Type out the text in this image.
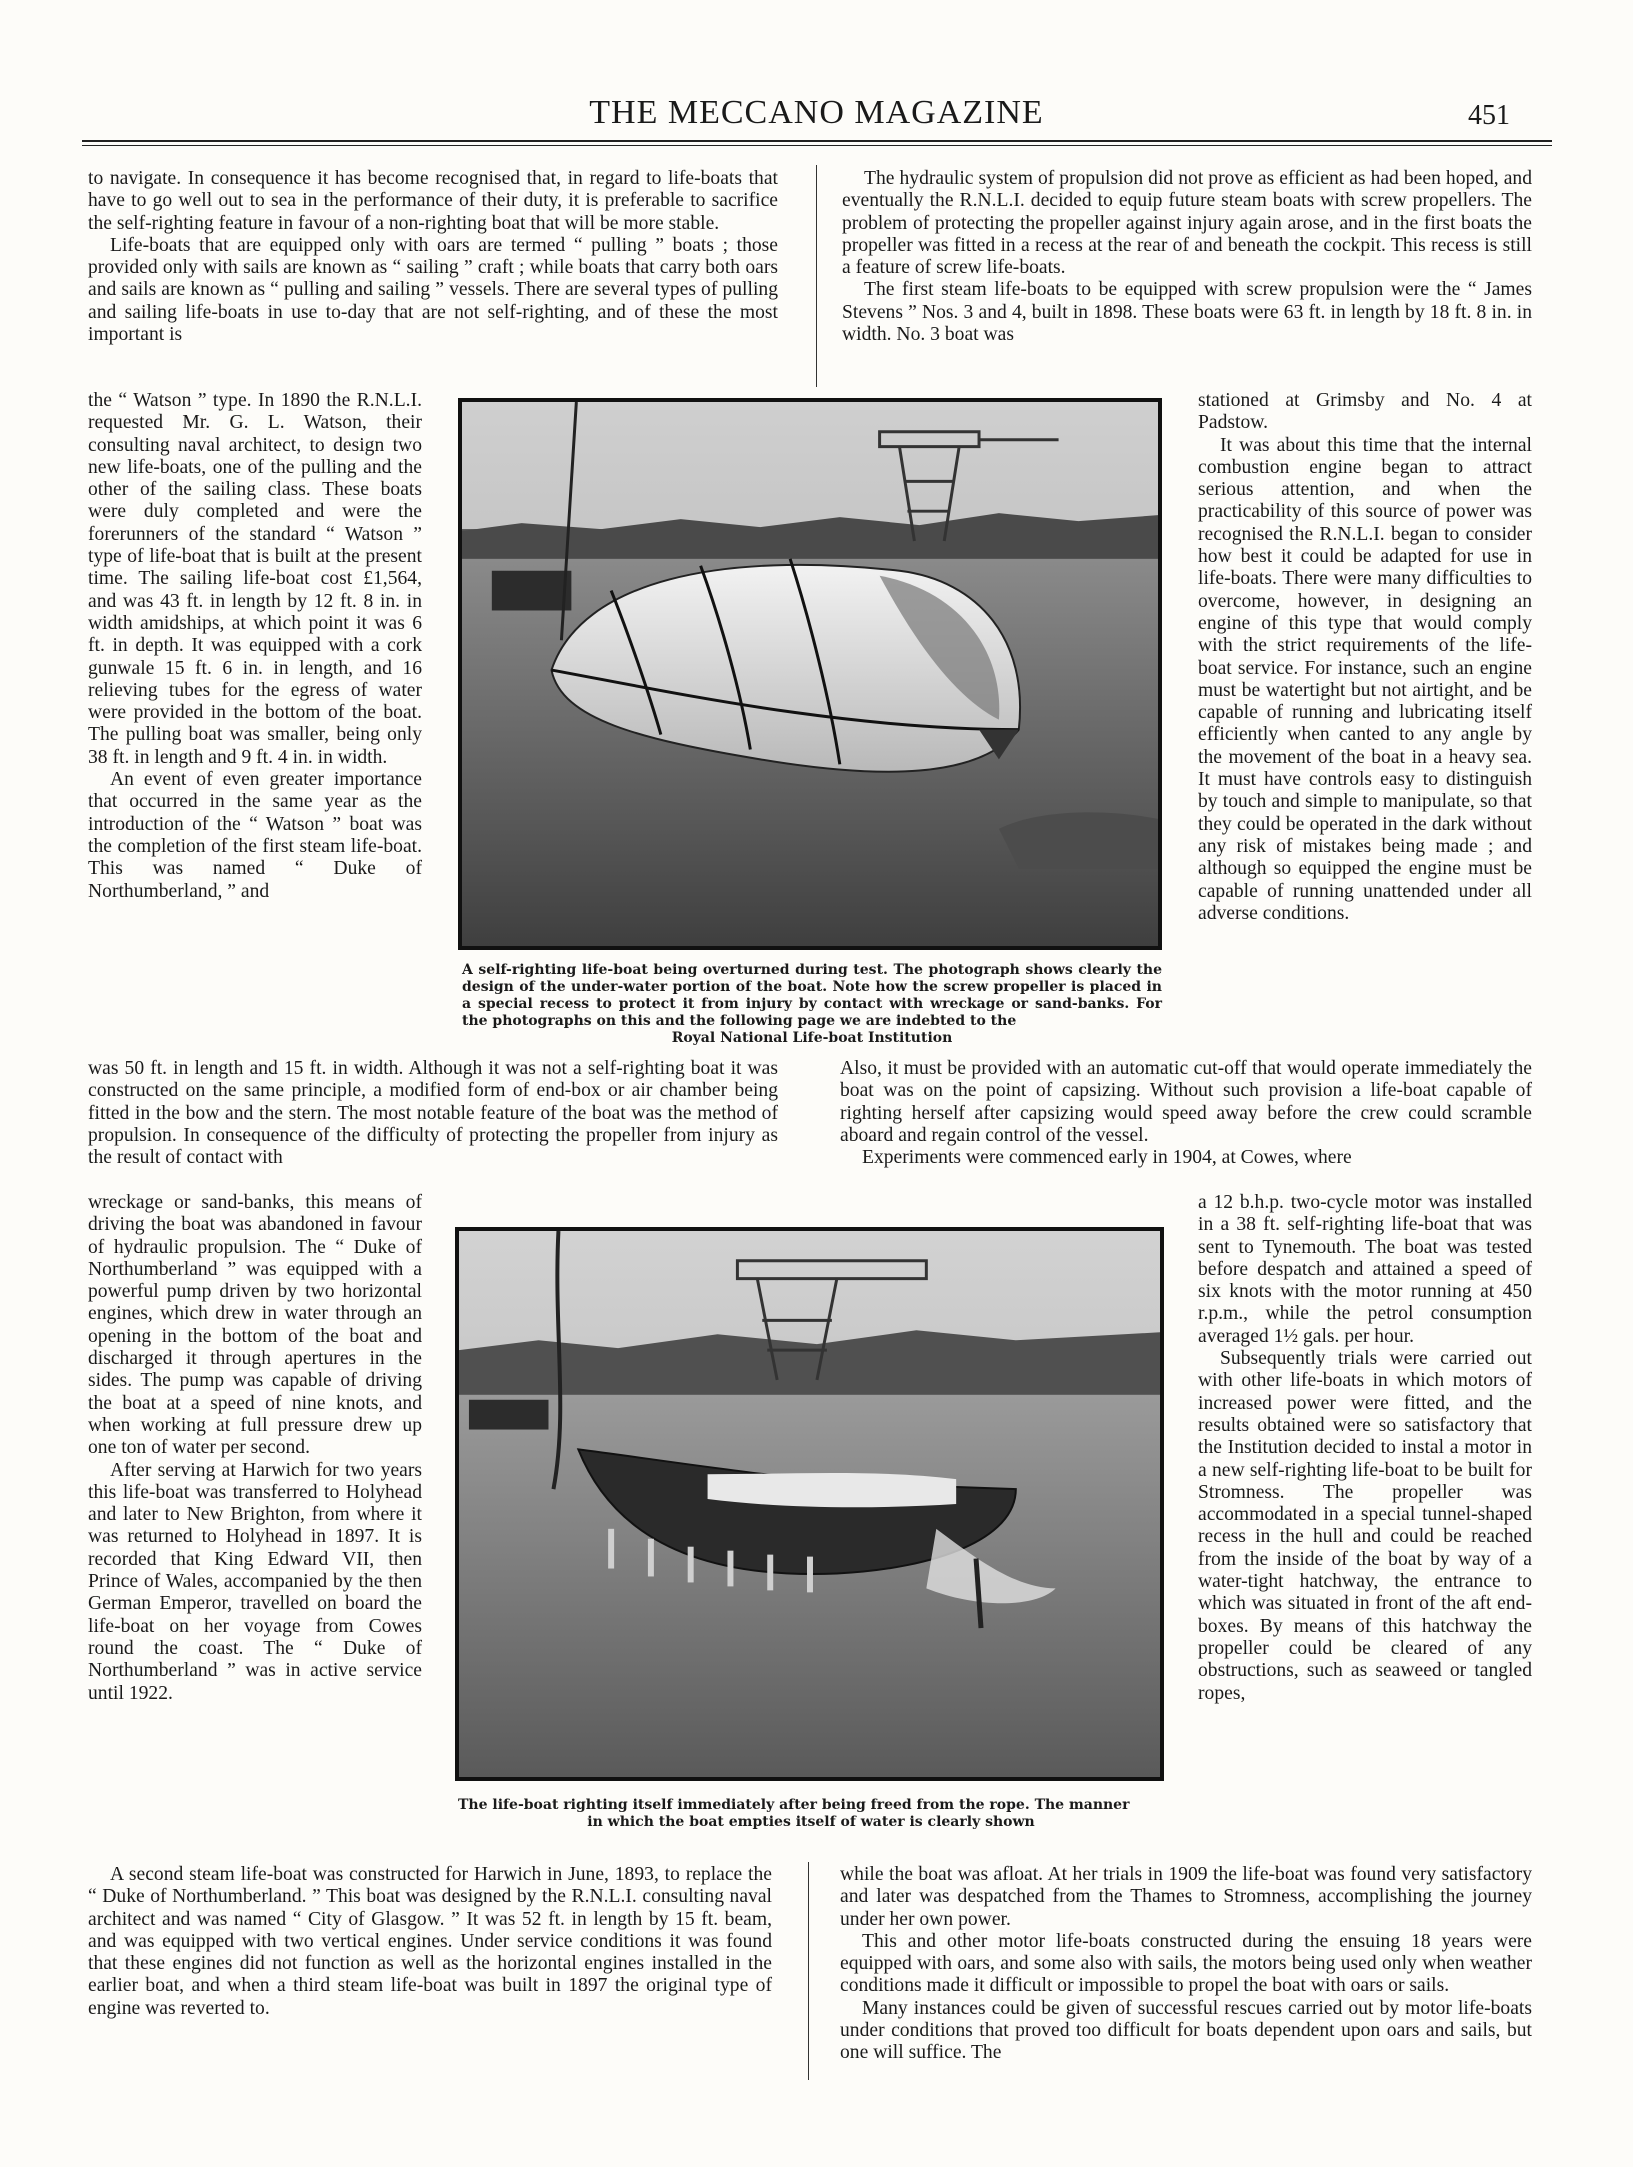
THE MECCANO MAGAZINE	451

to navigate. In consequence it has become recognised that, in regard to life-boats that have to go well out to sea in the performance of their duty, it is preferable to sacrifice the self-righting feature in favour of a non-righting boat that will be more stable.

Life-boats that are equipped only with oars are termed “ pulling ” boats ; those provided only with sails are known as “ sailing ” craft ; while boats that carry both oars and sails are known as “ pulling and sailing ” vessels. There are several types of pulling and sailing life-boats in use to-day that are not self-righting, and of these the most important is

the “ Watson ” type. In 1890 the R.N.L.I. requested Mr. G. L. Watson, their consulting naval architect, to design two new life-boats, one of the pulling and the other of the sailing class. These boats were duly completed and were the forerunners of the standard “ Watson ” type of life-boat that is built at the present time. The sailing life-boat cost £1,564, and was 43 ft. in length by 12 ft. 8 in. in width amidships, at which point it was 6 ft. in depth. It was equipped with a cork gunwale 15 ft. 6 in. in length, and 16 relieving tubes for the egress of water were provided in the bottom of the boat. The pulling boat was smaller, being only 38 ft. in length and 9 ft. 4 in. in width.

An event of even greater importance that occurred in the same year as the introduction of the “ Watson ” boat was the completion of the first steam life-boat. This was named “ Duke of Northumberland, ” and

was 50 ft. in length and 15 ft. in width. Although it was not a self-righting boat it was constructed on the same principle, a modified form of end-box or air chamber being fitted in the bow and the stern. The most notable feature of the boat was the method of propulsion. In consequence of the difficulty of protecting the propeller from injury as the result of contact with

wreckage or sand-banks, this means of driving the boat was abandoned in favour of hydraulic propulsion. The “ Duke of Northumberland ” was equipped with a powerful pump driven by two horizontal engines, which drew in water through an opening in the bottom of the boat and discharged it through apertures in the sides. The pump was capable of driving the boat at a speed of nine knots, and when working at full pressure drew up one ton of water per second.

After serving at Harwich for two years this life-boat was transferred to Holyhead and later to New Brighton, from where it was returned to Holyhead in 1897. It is recorded that King Edward VII, then Prince of Wales, accompanied by the then German Emperor, travelled on board the life-boat on her voyage from Cowes round the coast. The “ Duke of Northumberland ” was in active service until 1922.

A second steam life-boat was constructed for Harwich in June, 1893, to replace the “ Duke of Northumberland. ” This boat was designed by the R.N.L.I. consulting naval architect and was named “ City of Glasgow. ” It was 52 ft. in length by 15 ft. beam, and was equipped with two vertical engines. Under service conditions it was found that these engines did not function as well as the horizontal engines installed in the earlier boat, and when a third steam life-boat was built in 1897 the original type of engine was reverted to.

The hydraulic system of propulsion did not prove as efficient as had been hoped, and eventually the R.N.L.I. decided to equip future steam boats with screw propellers. The problem of protecting the propeller against injury again arose, and in the first boats the propeller was fitted in a recess at the rear of and beneath the cockpit. This recess is still a feature of screw life-boats.

The first steam life-boats to be equipped with screw propulsion were the “ James Stevens ” Nos. 3 and 4, built in 1898. These boats were 63 ft. in length by 18 ft. 8 in. in width. No. 3 boat was

stationed at Grimsby and No. 4 at Padstow.

It was about this time that the internal combustion engine began to attract serious attention, and when the practicability of this source of power was recognised the R.N.L.I. began to consider how best it could be adapted for use in life-boats. There were many difficulties to overcome, however, in designing an engine of this type that would comply with the strict requirements of the life-boat service. For instance, such an engine must be watertight but not airtight, and be capable of running and lubricating itself efficiently when canted to any angle by the movement of the boat in a heavy sea. It must have controls easy to distinguish by touch and simple to manipulate, so that they could be operated in the dark without any risk of mistakes being made ; and although so equipped the engine must be capable of running unattended under all adverse conditions.

Also, it must be provided with an automatic cut-off that would operate immediately the boat was on the point of capsizing. Without such provision a life-boat capable of righting herself after capsizing would speed away before the crew could scramble aboard and regain control of the vessel.

Experiments were commenced early in 1904, at Cowes, where

a 12 b.h.p. two-cycle motor was installed in a 38 ft. self-righting life-boat that was sent to Tynemouth. The boat was tested before despatch and attained a speed of six knots with the motor running at 450 r.p.m., while the petrol consumption averaged 1½ gals. per hour.

Subsequently trials were carried out with other life-boats in which motors of increased power were fitted, and the results obtained were so satisfactory that the Institution decided to instal a motor in a new self-righting life-boat to be built for Stromness. The propeller was accommodated in a special tunnel-shaped recess in the hull and could be reached from the inside of the boat by way of a water-tight hatchway, the entrance to which was situated in front of the aft end-boxes. By means of this hatchway the propeller could be cleared of any obstructions, such as seaweed or tangled ropes,

while the boat was afloat. At her trials in 1909 the life-boat was found very satisfactory and later was despatched from the Thames to Stromness, accomplishing the journey under her own power.

This and other motor life-boats constructed during the ensuing 18 years were equipped with oars, and some also with sails, the motors being used only when weather conditions made it difficult or impossible to propel the boat with oars or sails.

Many instances could be given of successful rescues carried out by motor life-boats under conditions that proved too difficult for boats dependent upon oars and sails, but one will suffice. The

A self-righting life-boat being overturned during test. The photograph shows clearly the design of the under-water portion of the boat. Note how the screw propeller is placed in a special recess to protect it from injury by contact with wreckage or sand-banks. For the photographs on this and the following page we are indebted to the
Royal National Life-boat Institution
The life-boat righting itself immediately after being freed from the rope. The manner
in which the boat empties itself of water is clearly shown
